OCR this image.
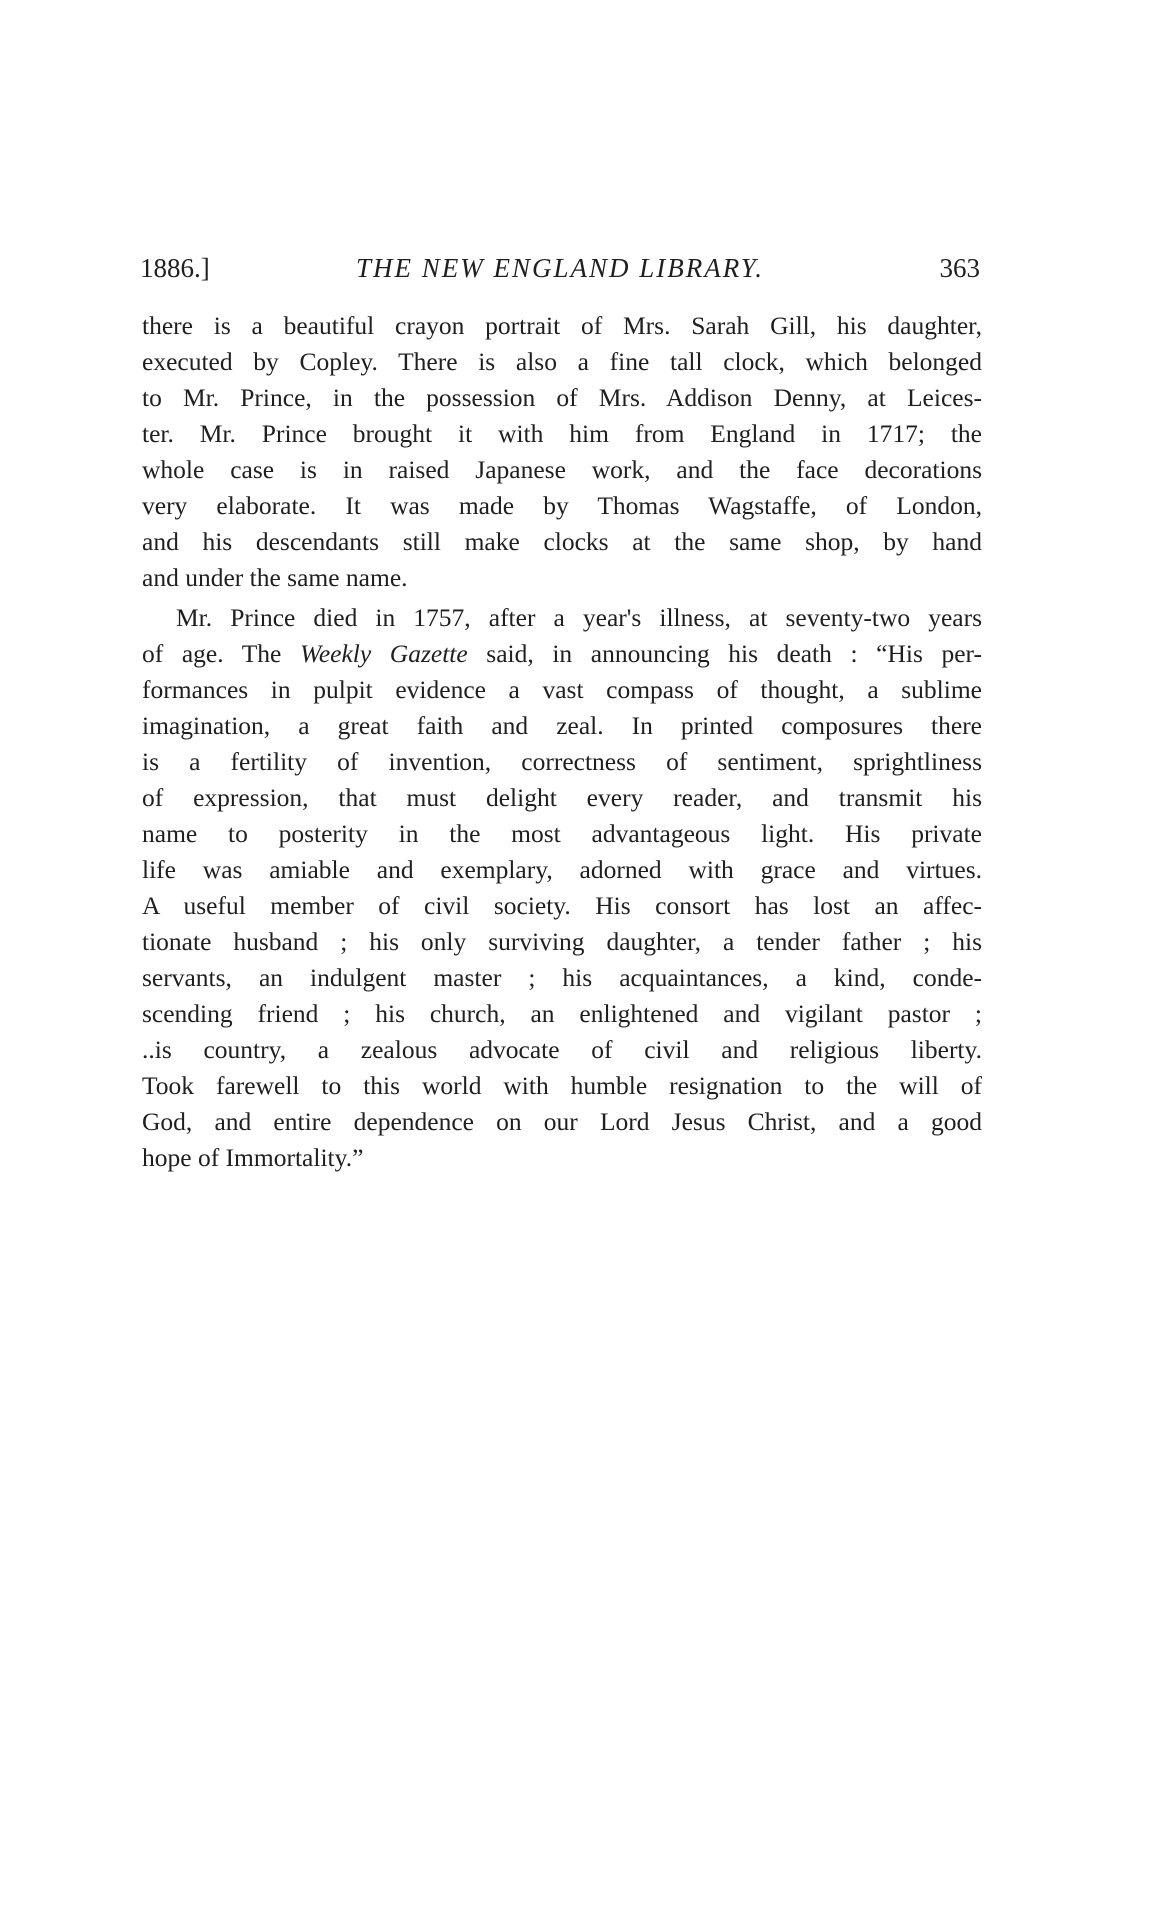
1886.]	THE NEW ENGLAND LIBRARY.	363
there is a beautiful crayon portrait of Mrs. Sarah Gill, his daughter,
executed by Copley. There is also a fine tall clock, which belonged
to Mr. Prince, in the possession of Mrs. Addison Denny, at Leices-
ter. Mr. Prince brought it with him from England in 1717; the
whole case is in raised Japanese work, and the face decorations
very elaborate. It was made by Thomas Wagstaffe, of London,
and his descendants still make clocks at the same shop, by hand
and under the same name.
Mr. Prince died in 1757, after a year's illness, at seventy-two years
of age. The Weekly Gazette said, in announcing his death : “His per-
formances in pulpit evidence a vast compass of thought, a sublime
imagination, a great faith and zeal. In printed composures there
is a fertility of invention, correctness of sentiment, sprightliness
of expression, that must delight every reader, and transmit his
name to posterity in the most advantageous light. His private
life was amiable and exemplary, adorned with grace and virtues.
A useful member of civil society. His consort has lost an affec-
tionate husband ; his only surviving daughter, a tender father ; his
servants, an indulgent master ; his acquaintances, a kind, conde-
scending friend ; his church, an enlightened and vigilant pastor ;
..is country, a zealous advocate of civil and religious liberty.
Took farewell to this world with humble resignation to the will of
God, and entire dependence on our Lord Jesus Christ, and a good
hope of Immortality.”
